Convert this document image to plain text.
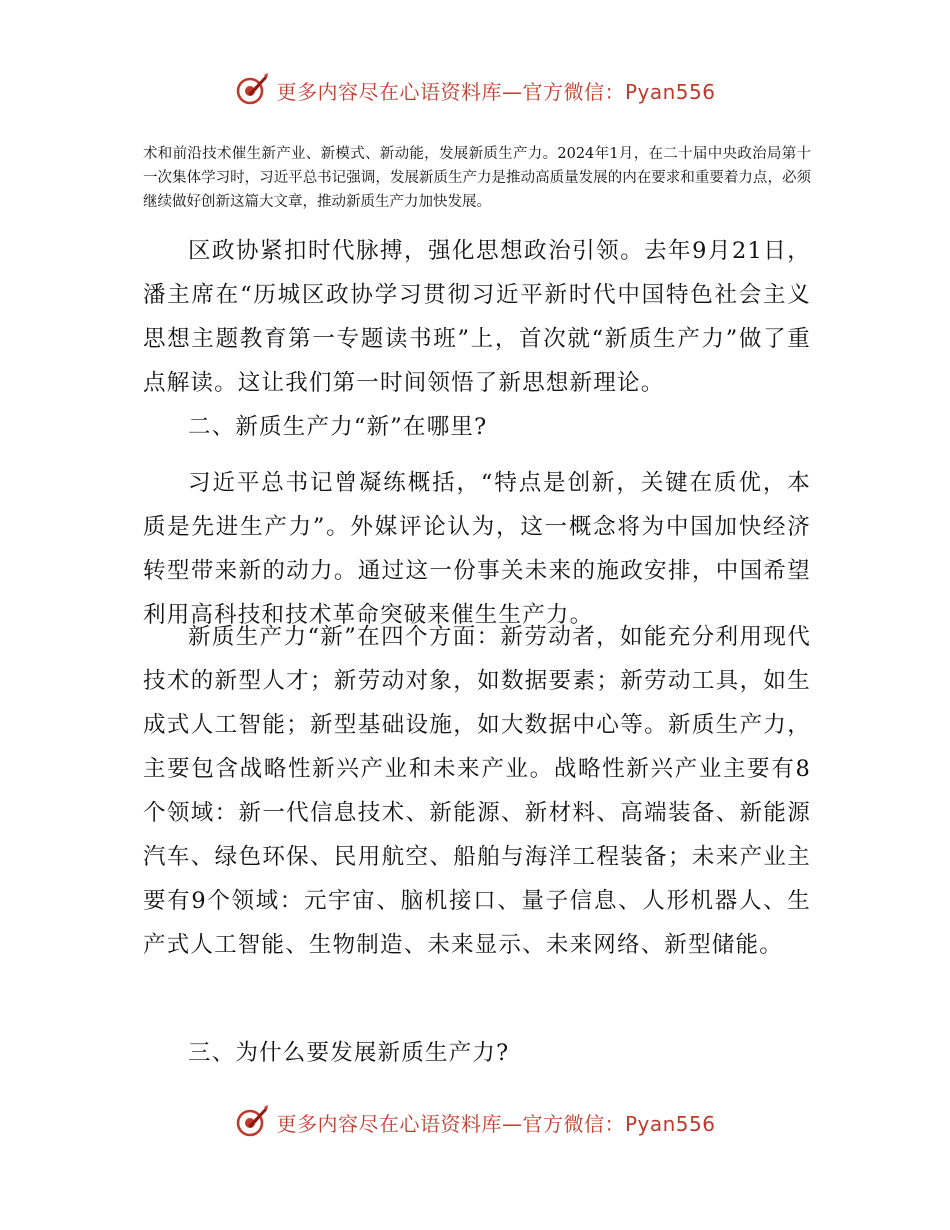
更多内容尽在心语资料库—官方微信：Pyan556

术和前沿技术催生新产业、新模式、新动能，发展新质生产力。2024年1月，在二十届中央政治局第十一次集体学习时，习近平总书记强调，发展新质生产力是推动高质量发展的内在要求和重要着力点，必须继续做好创新这篇大文章，推动新质生产力加快发展。

区政协紧扣时代脉搏，强化思想政治引领。去年9月21日，潘主席在“历城区政协学习贯彻习近平新时代中国特色社会主义思想主题教育第一专题读书班”上，首次就“新质生产力”做了重点解读。这让我们第一时间领悟了新思想新理论。

二、新质生产力“新”在哪里?

习近平总书记曾凝练概括，“特点是创新，关键在质优，本质是先进生产力”。外媒评论认为，这一概念将为中国加快经济转型带来新的动力。通过这一份事关未来的施政安排，中国希望利用高科技和技术革命突破来催生生产力。

新质生产力“新”在四个方面：新劳动者，如能充分利用现代技术的新型人才；新劳动对象，如数据要素；新劳动工具，如生成式人工智能；新型基础设施，如大数据中心等。新质生产力，主要包含战略性新兴产业和未来产业。战略性新兴产业主要有8个领域：新一代信息技术、新能源、新材料、高端装备、新能源汽车、绿色环保、民用航空、船舶与海洋工程装备；未来产业主要有9个领域：元宇宙、脑机接口、量子信息、人形机器人、生产式人工智能、生物制造、未来显示、未来网络、新型储能。

三、为什么要发展新质生产力?

更多内容尽在心语资料库—官方微信：Pyan556
